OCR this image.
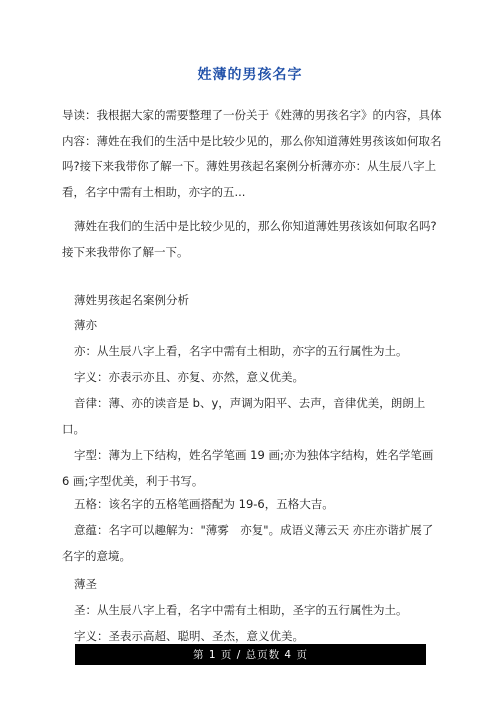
姓薄的男孩名字
导读：我根据大家的需要整理了一份关于《姓薄的男孩名字》的内容，具体内容：薄姓在我们的生活中是比较少见的，那么你知道薄姓男孩该如何取名吗?接下来我带你了解一下。薄姓男孩起名案例分析薄亦亦：从生辰八字上看，名字中需有土相助，亦字的五...
薄姓在我们的生活中是比较少见的，那么你知道薄姓男孩该如何取名吗?接下来我带你了解一下。
薄姓男孩起名案例分析
薄亦
亦：从生辰八字上看，名字中需有土相助，亦字的五行属性为土。
字义：亦表示亦且、亦复、亦然，意义优美。
音律：薄、亦的读音是 b、y，声调为阳平、去声，音律优美，朗朗上口。
字型：薄为上下结构，姓名学笔画 19 画;亦为独体字结构，姓名学笔画 6 画;字型优美，利于书写。
五格：该名字的五格笔画搭配为 19-6，五格大吉。
意蕴：名字可以趣解为："薄雾　亦复"。成语义薄云天 亦庄亦谐扩展了名字的意境。
薄圣
圣：从生辰八字上看，名字中需有土相助，圣字的五行属性为土。
字义：圣表示高超、聪明、圣杰，意义优美。
第 1 页 / 总页数 4 页
